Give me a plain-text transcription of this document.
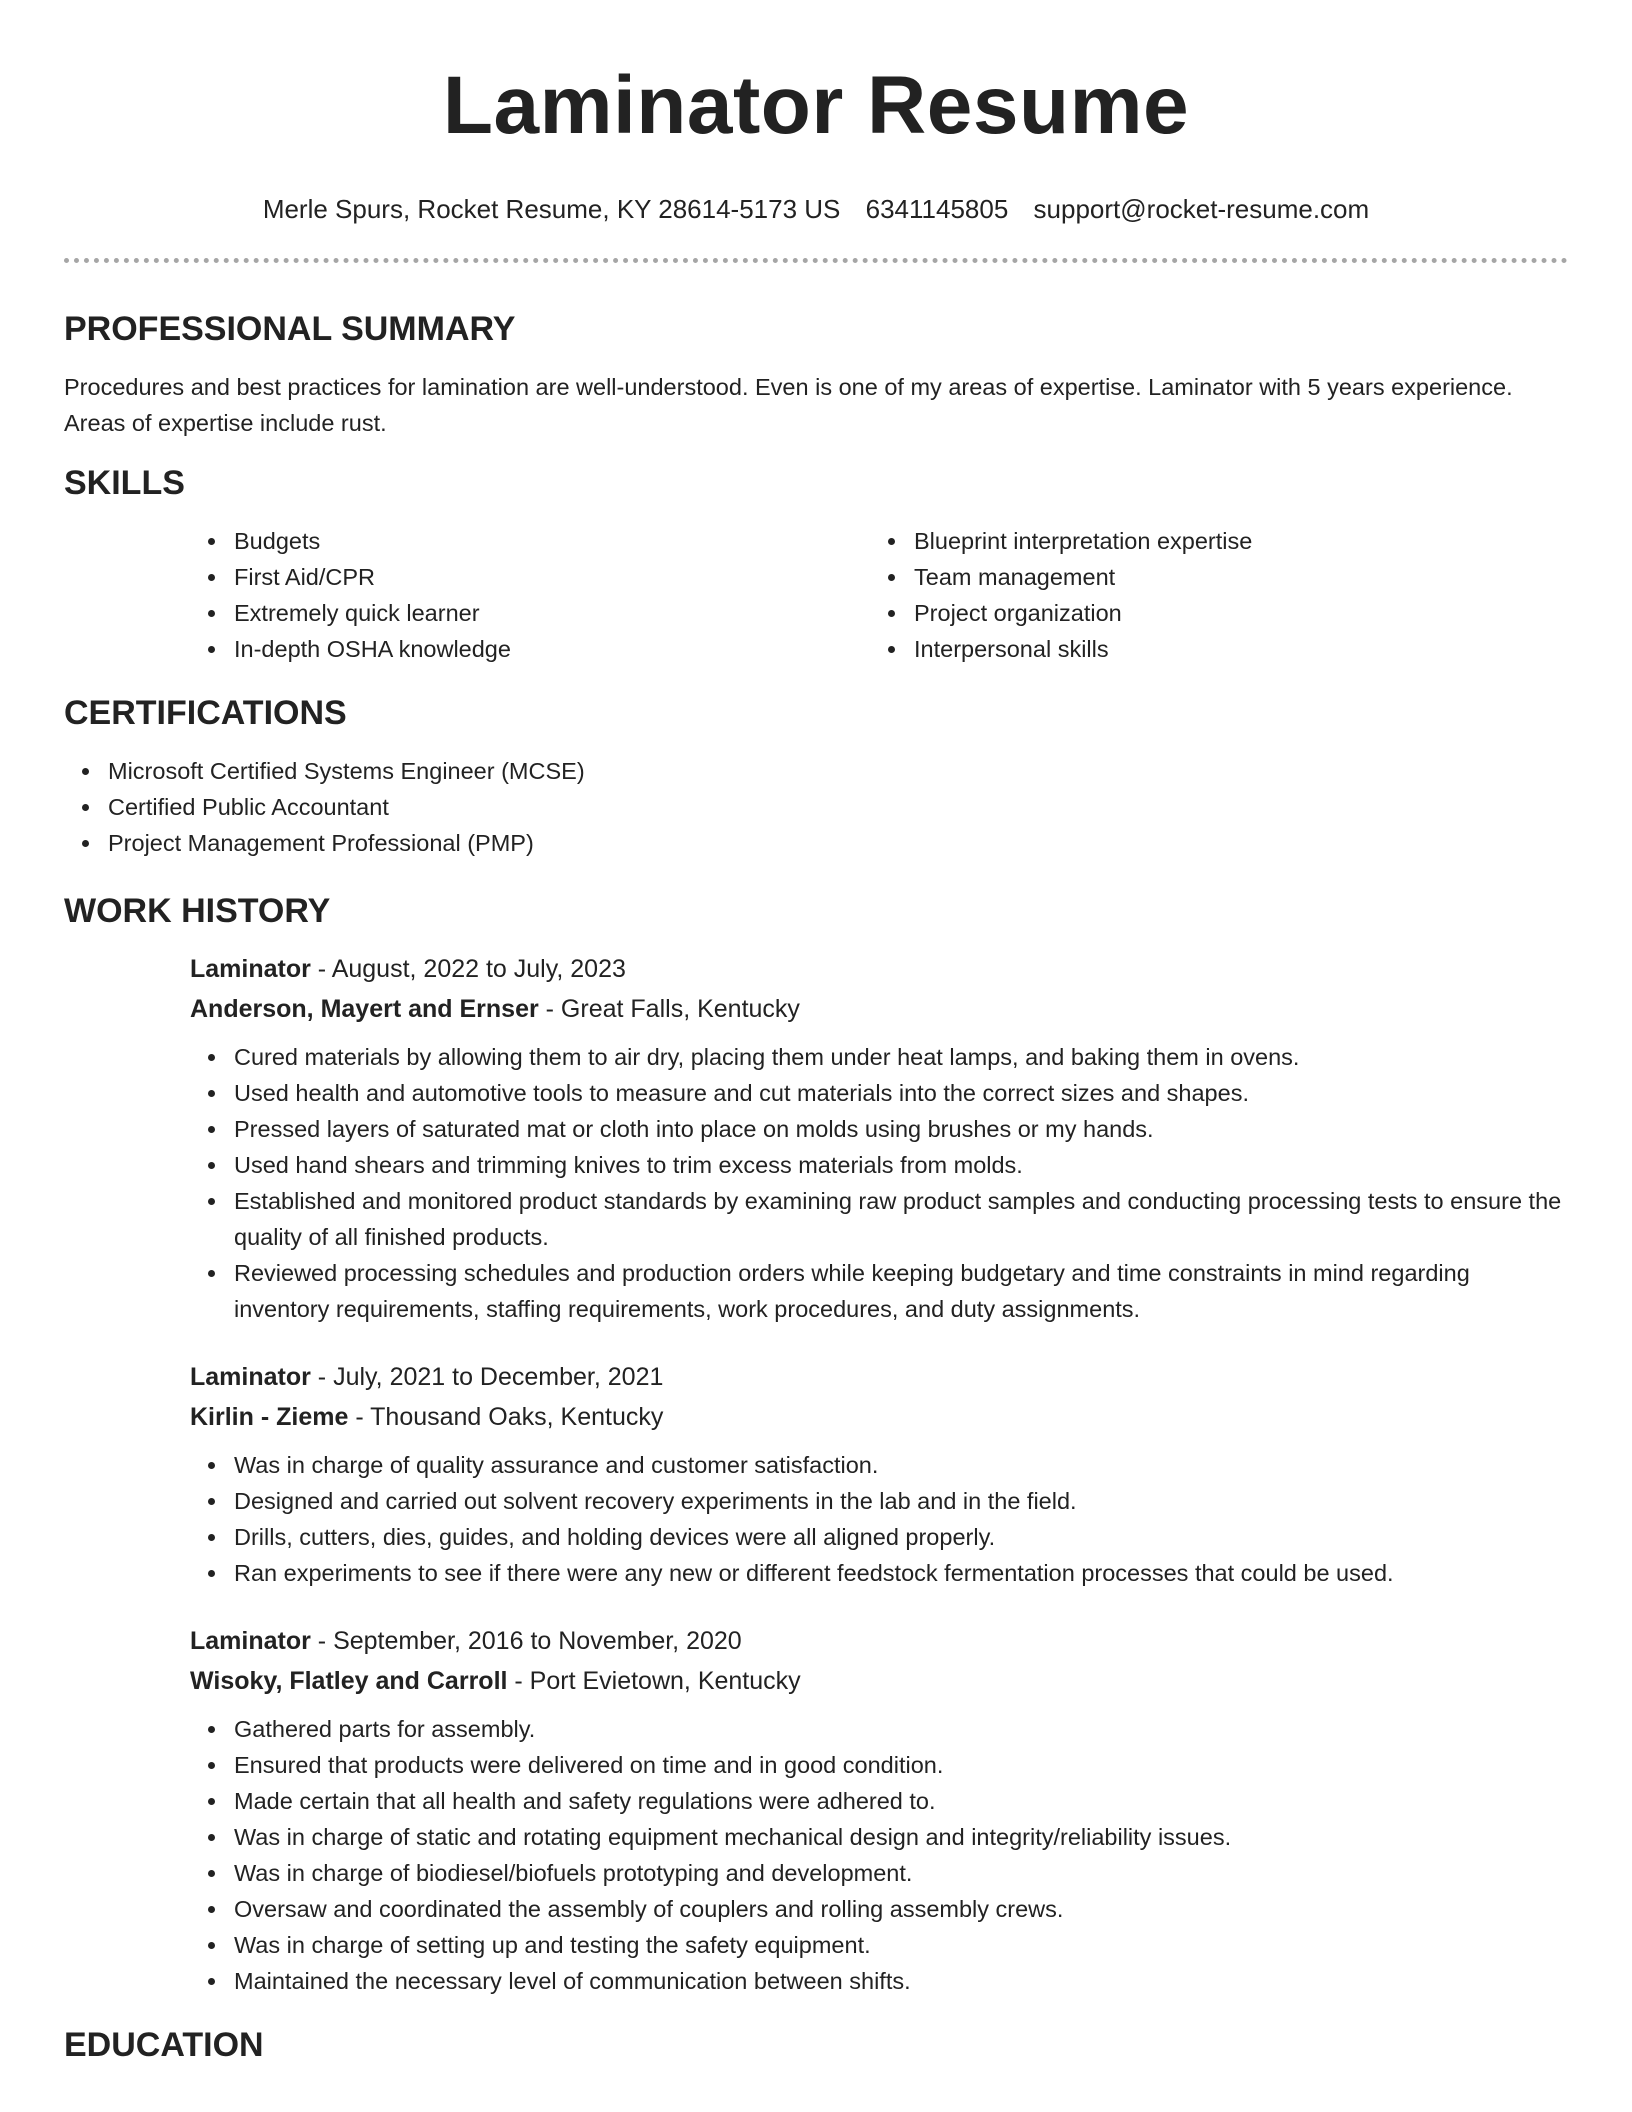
Laminator Resume
Merle Spurs, Rocket Resume, KY 28614-5173 US 6341145805 support@rocket-resume.com
PROFESSIONAL SUMMARY

Procedures and best practices for lamination are well-understood. Even is one of my areas of expertise. Laminator with 5 years experience. Areas of expertise include rust.

SKILLS
Budgets
First Aid/CPR
Extremely quick learner
In-depth OSHA knowledge
Blueprint interpretation expertise
Team management
Project organization
Interpersonal skills
CERTIFICATIONS
Microsoft Certified Systems Engineer (MCSE)
Certified Public Accountant
Project Management Professional (PMP)
WORK HISTORY
Laminator - August, 2022 to July, 2023
Anderson, Mayert and Ernser - Great Falls, Kentucky
Cured materials by allowing them to air dry, placing them under heat lamps, and baking them in ovens.
Used health and automotive tools to measure and cut materials into the correct sizes and shapes.
Pressed layers of saturated mat or cloth into place on molds using brushes or my hands.
Used hand shears and trimming knives to trim excess materials from molds.
Established and monitored product standards by examining raw product samples and conducting processing tests to ensure the quality of all finished products.
Reviewed processing schedules and production orders while keeping budgetary and time constraints in mind regarding inventory requirements, staffing requirements, work procedures, and duty assignments.
Laminator - July, 2021 to December, 2021
Kirlin - Zieme - Thousand Oaks, Kentucky
Was in charge of quality assurance and customer satisfaction.
Designed and carried out solvent recovery experiments in the lab and in the field.
Drills, cutters, dies, guides, and holding devices were all aligned properly.
Ran experiments to see if there were any new or different feedstock fermentation processes that could be used.
Laminator - September, 2016 to November, 2020
Wisoky, Flatley and Carroll - Port Evietown, Kentucky
Gathered parts for assembly.
Ensured that products were delivered on time and in good condition.
Made certain that all health and safety regulations were adhered to.
Was in charge of static and rotating equipment mechanical design and integrity/reliability issues.
Was in charge of biodiesel/biofuels prototyping and development.
Oversaw and coordinated the assembly of couplers and rolling assembly crews.
Was in charge of setting up and testing the safety equipment.
Maintained the necessary level of communication between shifts.
EDUCATION
